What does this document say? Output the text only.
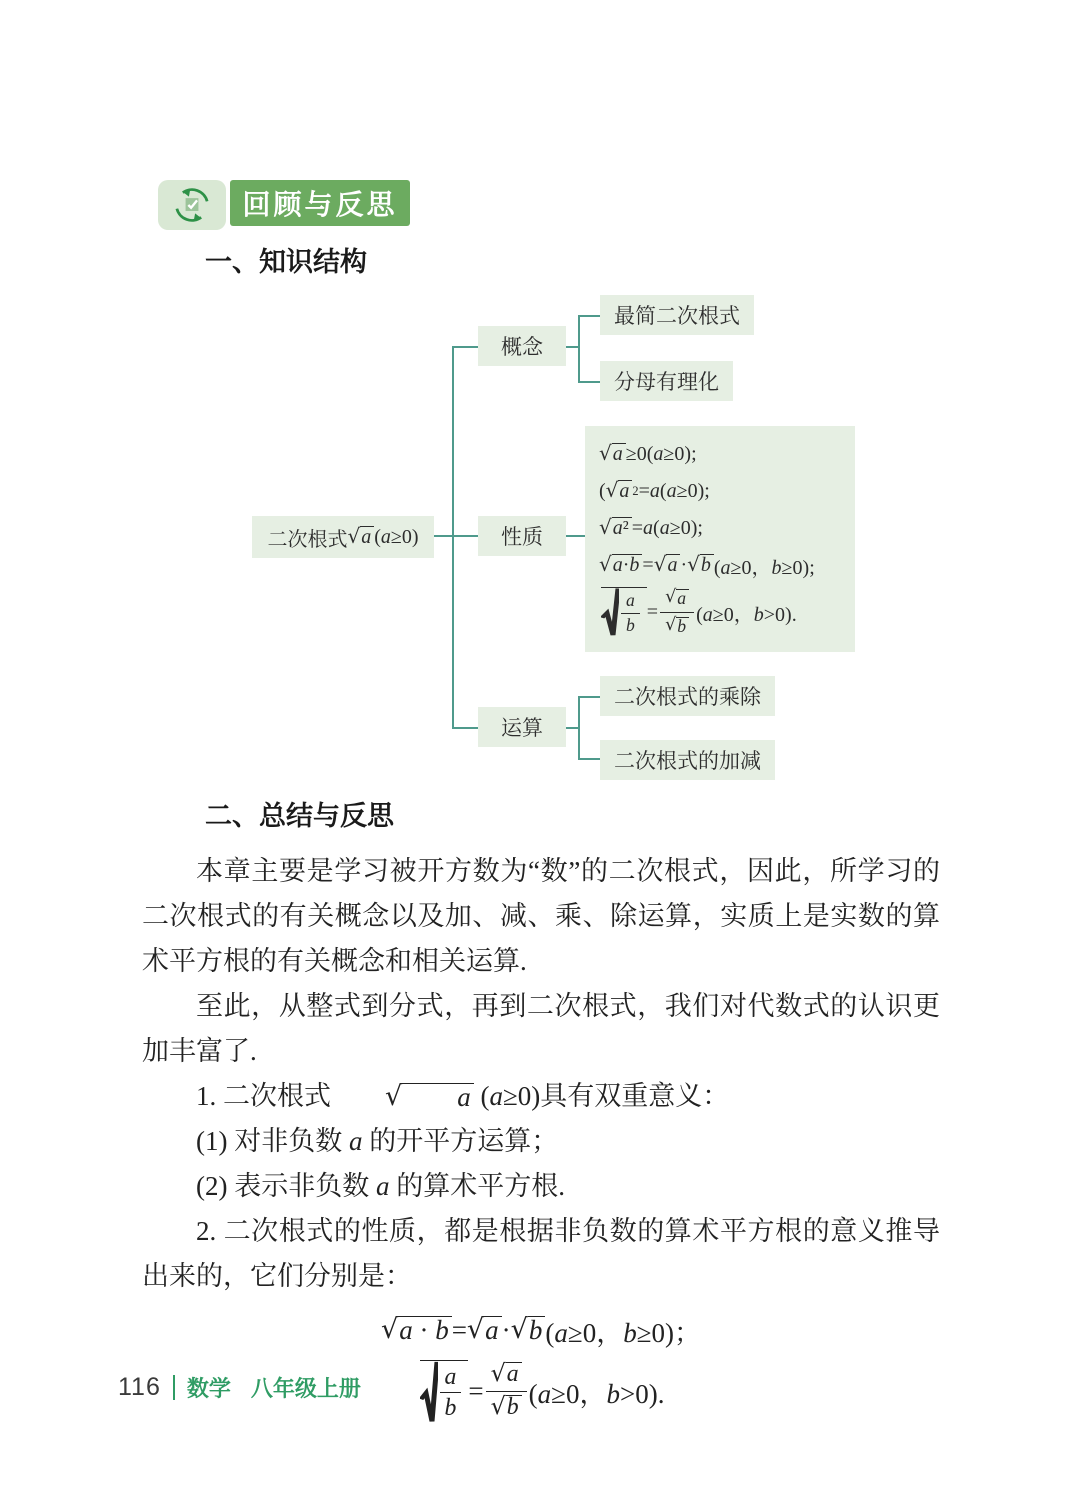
回顾与反思
一、知识结构
二次根式 √ a (a≥0)
概念
性质
运算
最简二次根式
分母有理化
二次根式的乘除
二次根式的加减
√ a ≥0(a≥0);
( √ a 2 =a(a≥0);
√ a² =a(a≥0);
√ a·b = √ a · √ b (a≥0，b≥0);
$\frac{a}{b} = \frac{√ a}{√ b} (a\ge 0$，b>0).
二、总结与反思

本章主要是学习被开方数为“数”的二次根式，因此，所学习的二次根式的有关概念以及加、减、乘、除运算，实质上是实数的算术平方根的有关概念和相关运算.

至此，从整式到分式，再到二次根式，我们对代数式的认识更加丰富了.

1. 二次根式	√	a (a≥0)具有双重意义：

(1) 对非负数 a 的开平方运算；

(2) 表示非负数 a 的算术平方根.

2. 二次根式的性质，都是根据非负数的算术平方根的意义推导出来的，它们分别是：

√ a · b = √ a · √ b (a≥0，b≥0)；
$\frac{a}{b} = \frac{√ a}{√ b} (a\ge 0$，b>0).
116 数学 八年级上册
